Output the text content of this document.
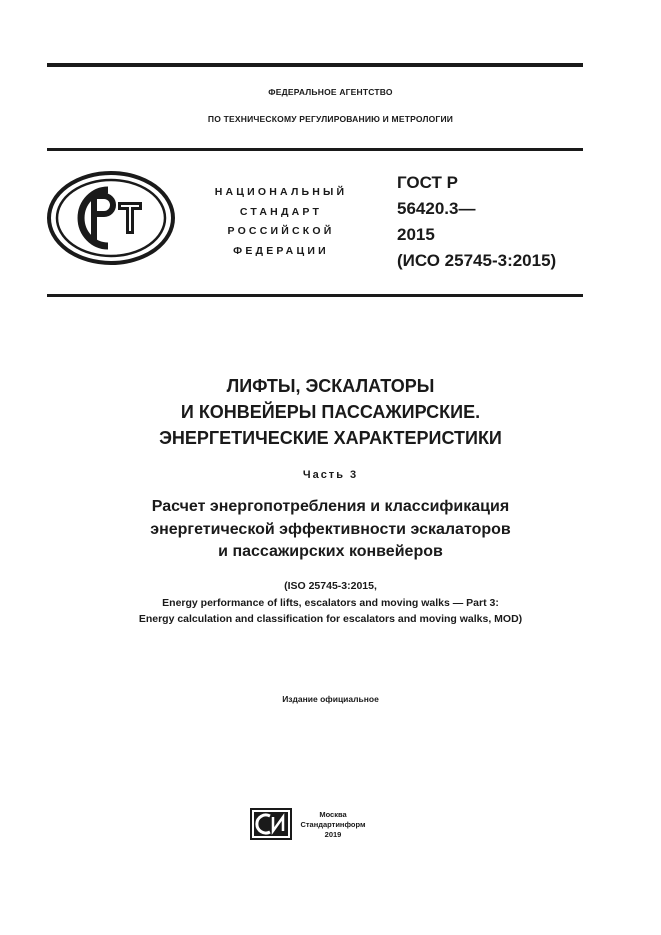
ФЕДЕРАЛЬНОЕ АГЕНТСТВО
ПО ТЕХНИЧЕСКОМУ РЕГУЛИРОВАНИЮ И МЕТРОЛОГИИ
НАЦИОНАЛЬНЫЙ
СТАНДАРТ
РОССИЙСКОЙ
ФЕДЕРАЦИИ
ГОСТ Р
56420.3—
2015
(ИСО 25745-3:2015)
ЛИФТЫ, ЭСКАЛАТОРЫ
И КОНВЕЙЕРЫ ПАССАЖИРСКИЕ.
ЭНЕРГЕТИЧЕСКИЕ ХАРАКТЕРИСТИКИ
Часть 3
Расчет энергопотребления и классификация
энергетической эффективности эскалаторов
и пассажирских конвейеров
(ISO 25745-3:2015,
Energy performance of lifts, escalators and moving walks — Part 3:
Energy calculation and classification for escalators and moving walks, MOD)
Издание официальное
Москва
Стандартинформ
2019
